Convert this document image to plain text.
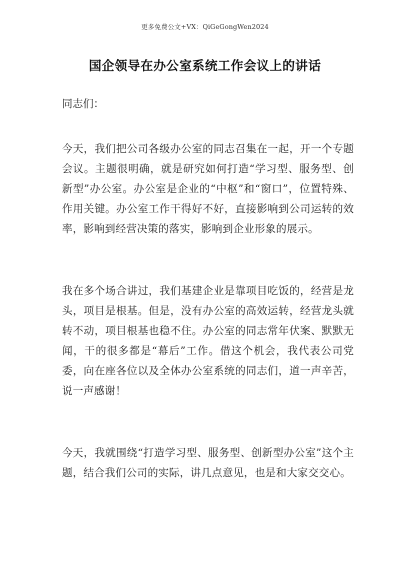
更多免费公文+VX：QiGeGongWen2024
国企领导在办公室系统工作会议上的讲话
同志们：
今天，我们把公司各级办公室的同志召集在一起，开一个专题会议。主题很明确，就是研究如何打造“学习型、服务型、创新型”办公室。办公室是企业的“中枢”和“窗口”，位置特殊、作用关键。办公室工作干得好不好，直接影响到公司运转的效率，影响到经营决策的落实，影响到企业形象的展示。
我在多个场合讲过，我们基建企业是靠项目吃饭的，经营是龙头，项目是根基。但是，没有办公室的高效运转，经营龙头就转不动，项目根基也稳不住。办公室的同志常年伏案、默默无闻，干的很多都是“幕后”工作。借这个机会，我代表公司党委，向在座各位以及全体办公室系统的同志们，道一声辛苦，说一声感谢！
今天，我就围绕“打造学习型、服务型、创新型办公室”这个主题，结合我们公司的实际，讲几点意见，也是和大家交交心。
